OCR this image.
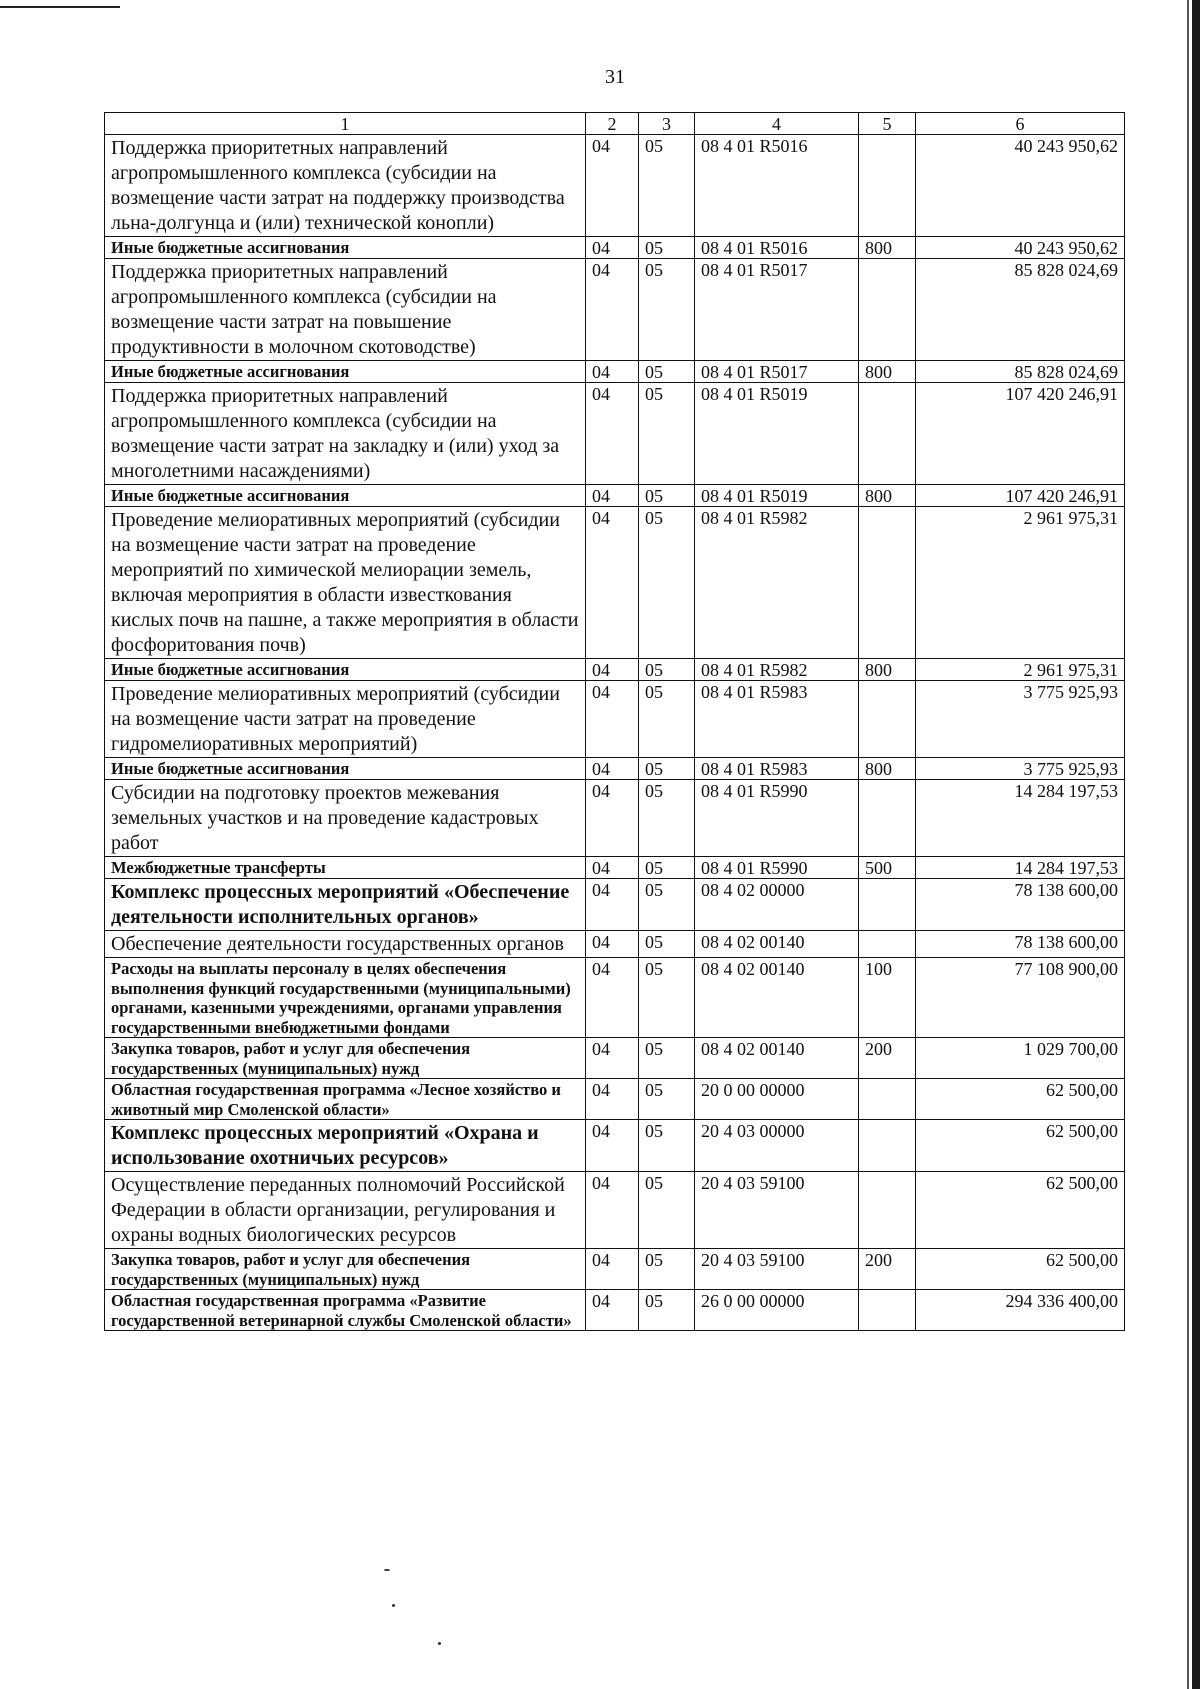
31
1	2	3	4	5	6
Поддержка приоритетных направлений агропромышленного комплекса (субсидии на возмещение части затрат на поддержку производства льна-долгунца и (или) технической конопли)	04	05	08 4 01 R5016		40 243 950,62
Иные бюджетные ассигнования	04	05	08 4 01 R5016	800	40 243 950,62
Поддержка приоритетных направлений агропромышленного комплекса (субсидии на возмещение части затрат на повышение продуктивности в молочном скотоводстве)	04	05	08 4 01 R5017		85 828 024,69
Иные бюджетные ассигнования	04	05	08 4 01 R5017	800	85 828 024,69
Поддержка приоритетных направлений агропромышленного комплекса (субсидии на возмещение части затрат на закладку и (или) уход за многолетними насаждениями)	04	05	08 4 01 R5019		107 420 246,91
Иные бюджетные ассигнования	04	05	08 4 01 R5019	800	107 420 246,91
Проведение мелиоративных мероприятий (субсидии на возмещение части затрат на проведение мероприятий по химической мелиорации земель, включая мероприятия в области известкования кислых почв на пашне, а также мероприятия в области фосфоритования почв)	04	05	08 4 01 R5982		2 961 975,31
Иные бюджетные ассигнования	04	05	08 4 01 R5982	800	2 961 975,31
Проведение мелиоративных мероприятий (субсидии на возмещение части затрат на проведение гидромелиоративных мероприятий)	04	05	08 4 01 R5983		3 775 925,93
Иные бюджетные ассигнования	04	05	08 4 01 R5983	800	3 775 925,93
Субсидии на подготовку проектов межевания земельных участков и на проведение кадастровых работ	04	05	08 4 01 R5990		14 284 197,53
Межбюджетные трансферты	04	05	08 4 01 R5990	500	14 284 197,53
Комплекс процессных мероприятий «Обеспечение деятельности исполнительных органов»	04	05	08 4 02 00000		78 138 600,00
Обеспечение деятельности государственных органов	04	05	08 4 02 00140		78 138 600,00
Расходы на выплаты персоналу в целях обеспечения выполнения функций государственными (муниципальными) органами, казенными учреждениями, органами управления государственными внебюджетными фондами	04	05	08 4 02 00140	100	77 108 900,00
Закупка товаров, работ и услуг для обеспечения государственных (муниципальных) нужд	04	05	08 4 02 00140	200	1 029 700,00
Областная государственная программа «Лесное хозяйство и животный мир Смоленской области»	04	05	20 0 00 00000		62 500,00
Комплекс процессных мероприятий «Охрана и использование охотничьих ресурсов»	04	05	20 4 03 00000		62 500,00
Осуществление переданных полномочий Российской Федерации в области организации, регулирования и охраны водных биологических ресурсов	04	05	20 4 03 59100		62 500,00
Закупка товаров, работ и услуг для обеспечения государственных (муниципальных) нужд	04	05	20 4 03 59100	200	62 500,00
Областная государственная программа «Развитие государственной ветеринарной службы Смоленской области»	04	05	26 0 00 00000		294 336 400,00
